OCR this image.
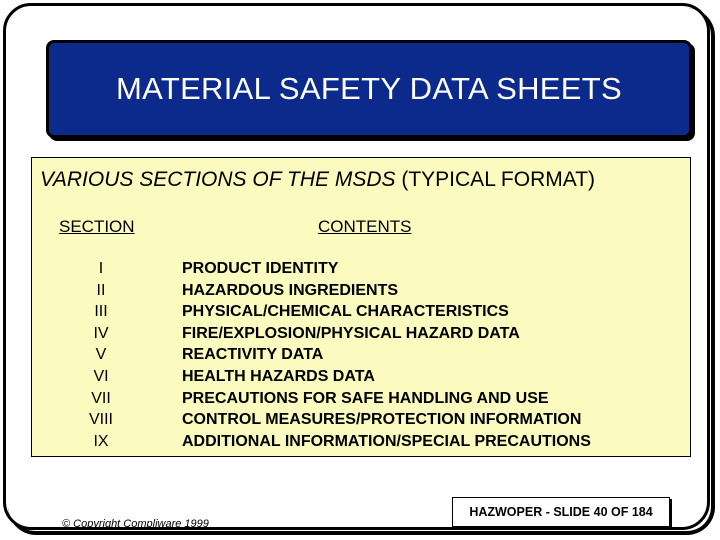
MATERIAL SAFETY DATA SHEETS
VARIOUS SECTIONS OF THE MSDS (TYPICAL FORMAT)
SECTION	CONTENTS
I	PRODUCT IDENTITY
II	HAZARDOUS INGREDIENTS
III	PHYSICAL/CHEMICAL CHARACTERISTICS
IV	FIRE/EXPLOSION/PHYSICAL HAZARD DATA
V	REACTIVITY DATA
VI	HEALTH HAZARDS DATA
VII	PRECAUTIONS FOR SAFE HANDLING AND USE
VIII	CONTROL MEASURES/PROTECTION INFORMATION
IX	ADDITIONAL INFORMATION/SPECIAL PRECAUTIONS
© Copyright Compliware 1999
HAZWOPER - SLIDE 40 OF 184
